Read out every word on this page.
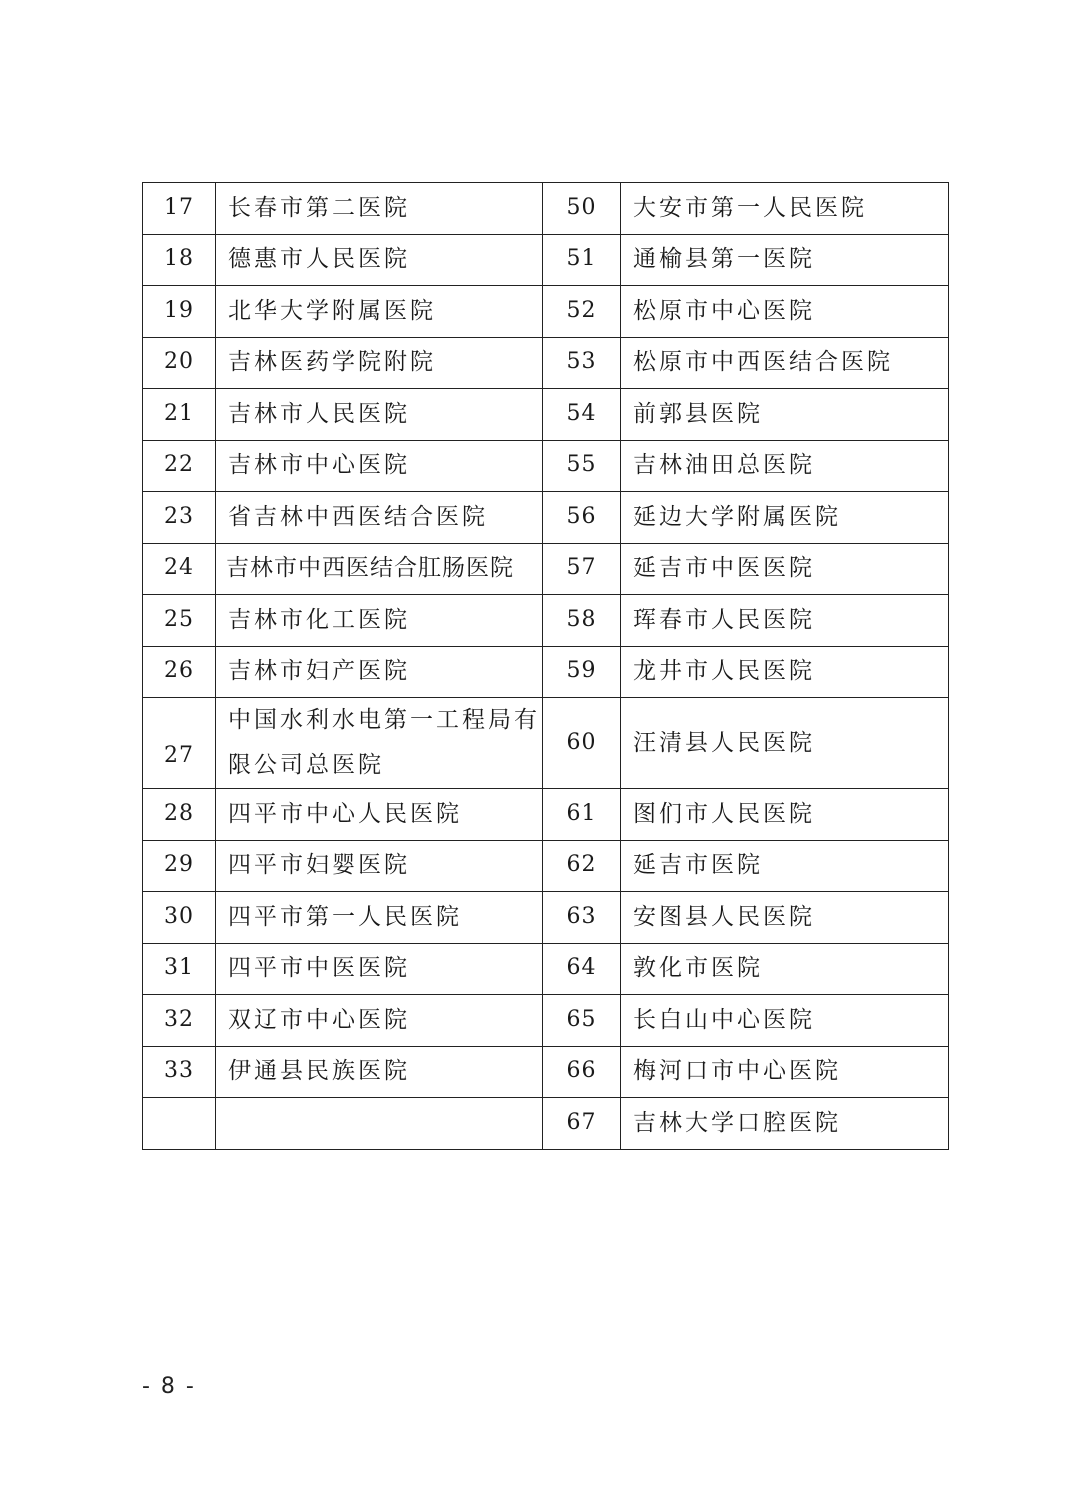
17	长春市第二医院	50	大安市第一人民医院
18	德惠市人民医院	51	通榆县第一医院
19	北华大学附属医院	52	松原市中心医院
20	吉林医药学院附院	53	松原市中西医结合医院
21	吉林市人民医院	54	前郭县医院
22	吉林市中心医院	55	吉林油田总医院
23	省吉林中西医结合医院	56	延边大学附属医院
24	吉林市中西医结合肛肠医院	57	延吉市中医医院
25	吉林市化工医院	58	珲春市人民医院
26	吉林市妇产医院	59	龙井市人民医院
27	中国水利水电第一工程局有限公司总医院	60	汪清县人民医院
28	四平市中心人民医院	61	图们市人民医院
29	四平市妇婴医院	62	延吉市医院
30	四平市第一人民医院	63	安图县人民医院
31	四平市中医医院	64	敦化市医院
32	双辽市中心医院	65	长白山中心医院
33	伊通县民族医院	66	梅河口市中心医院
		67	吉林大学口腔医院
- 8 -
